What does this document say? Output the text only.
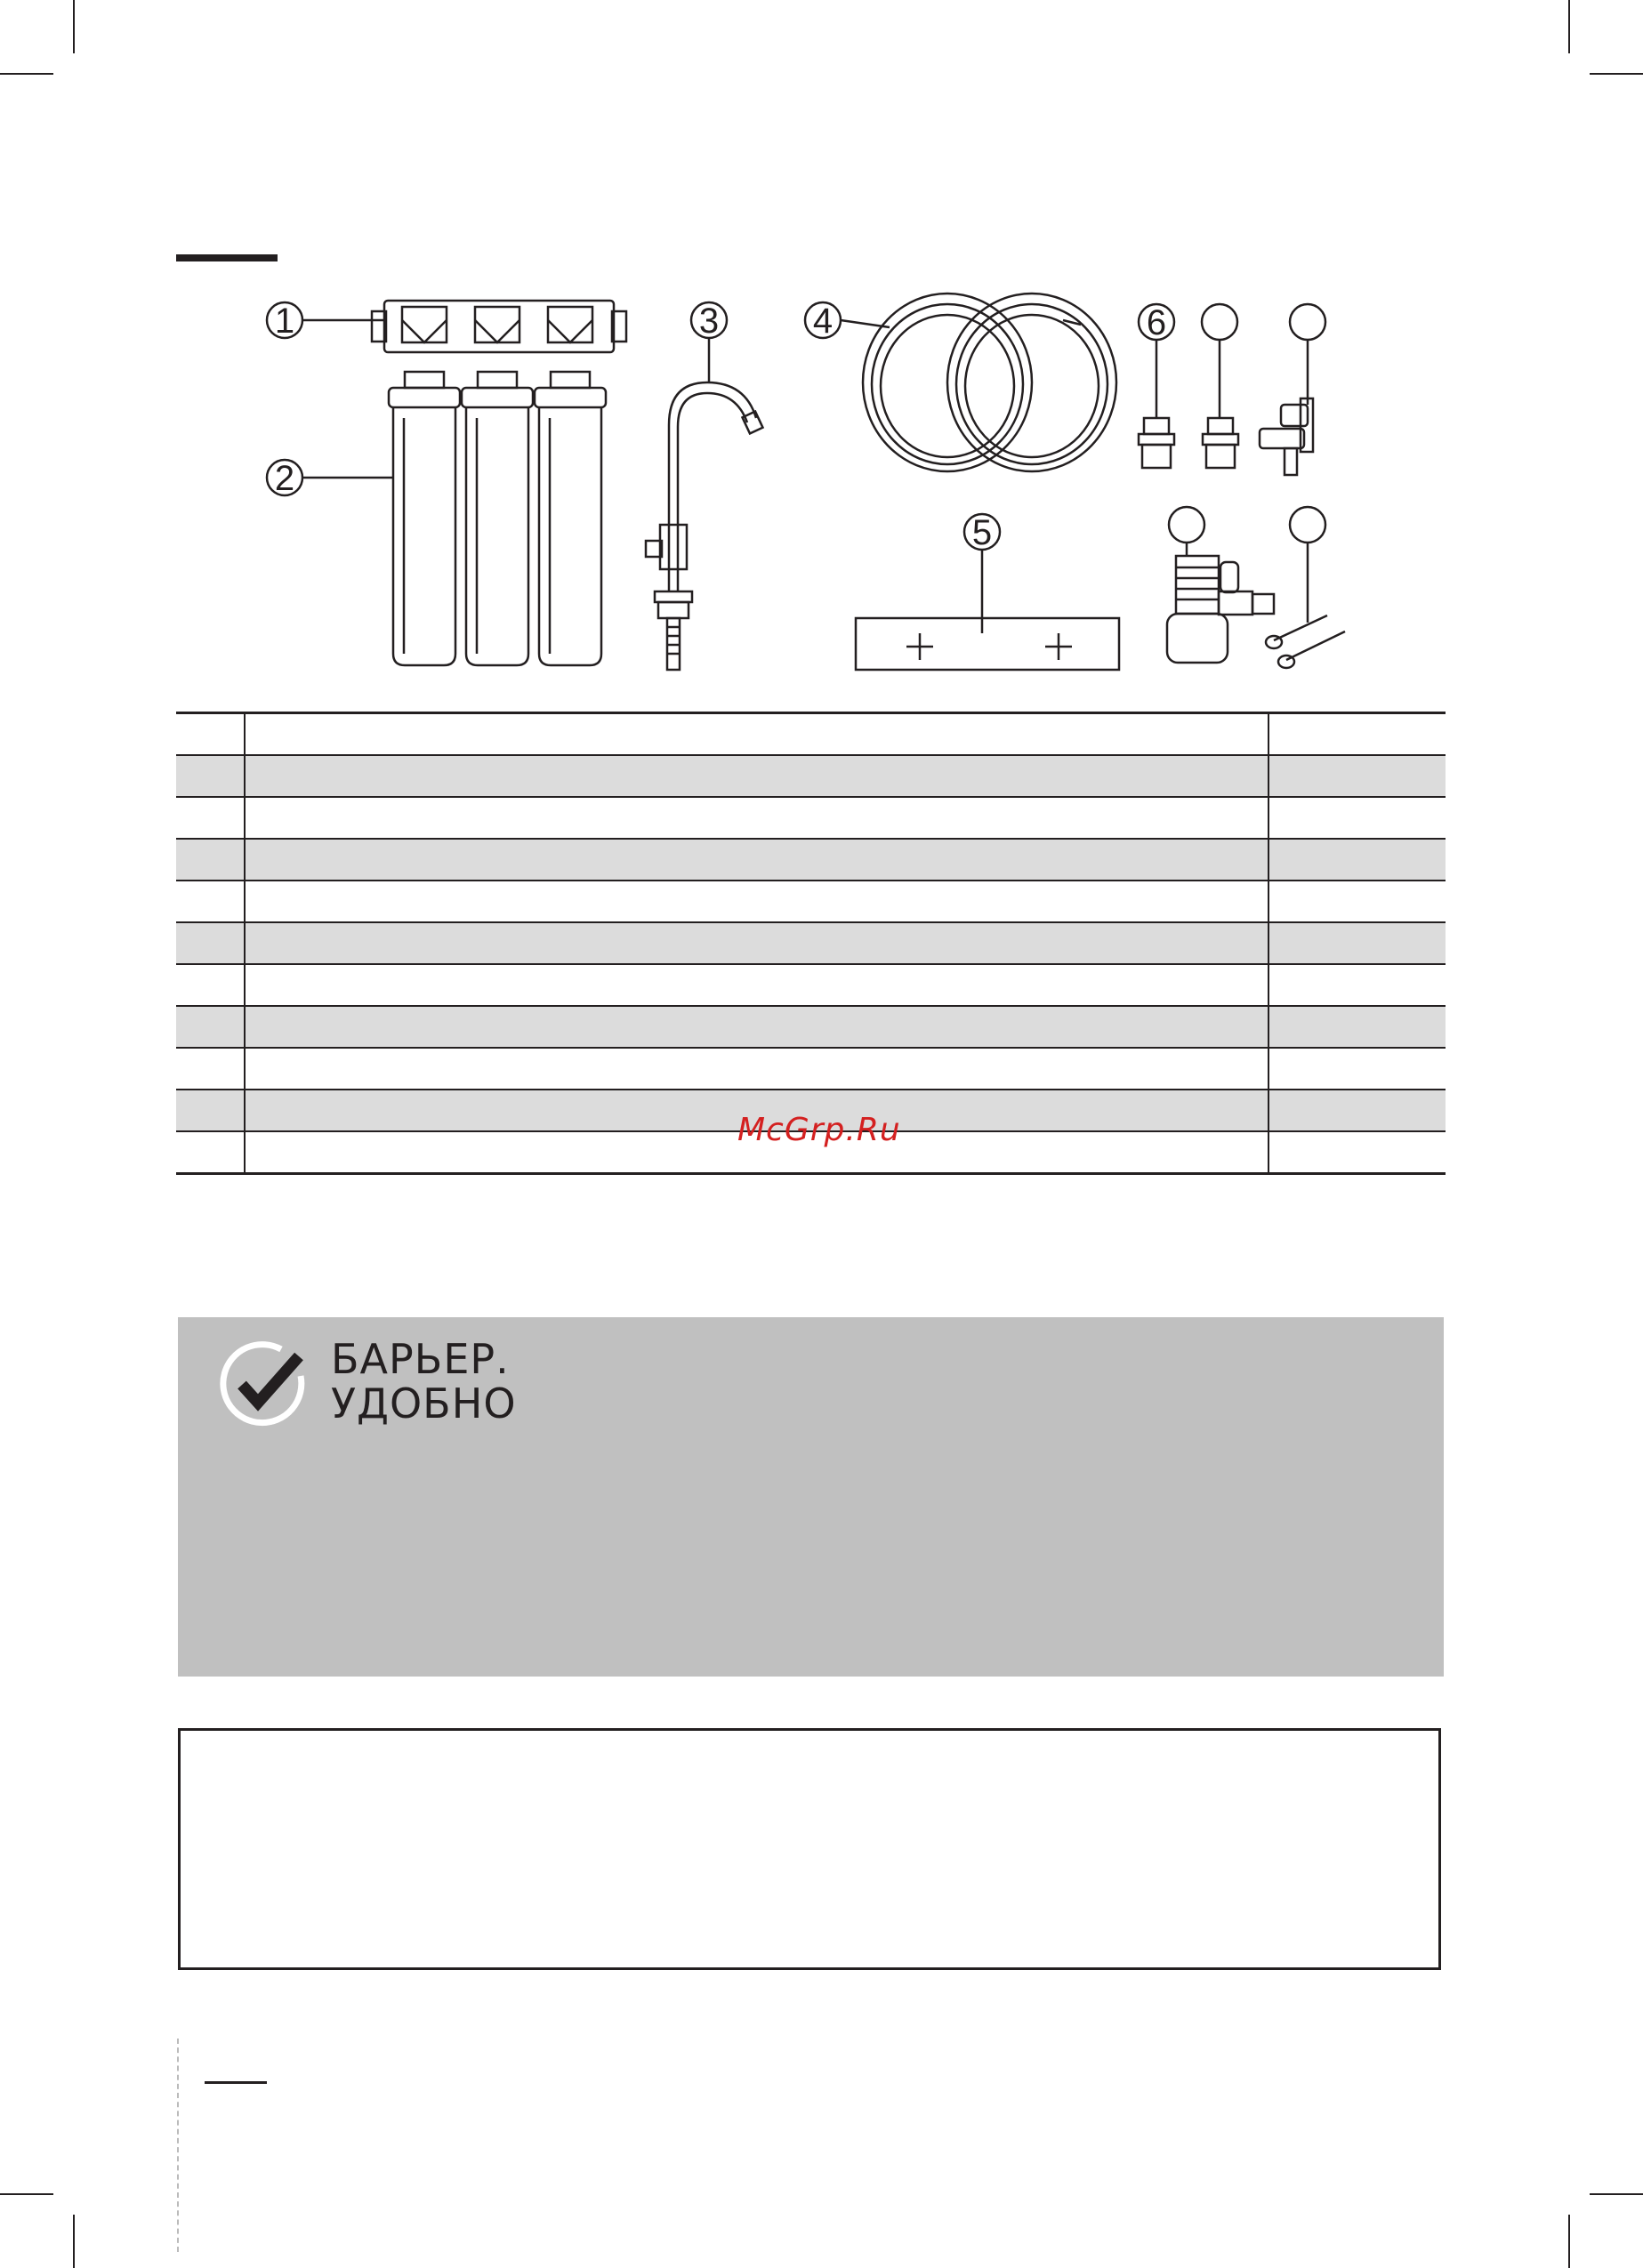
1
2
3	4
5
6
McGrp.Ru
БАРЬЕР.
УДОБНО
